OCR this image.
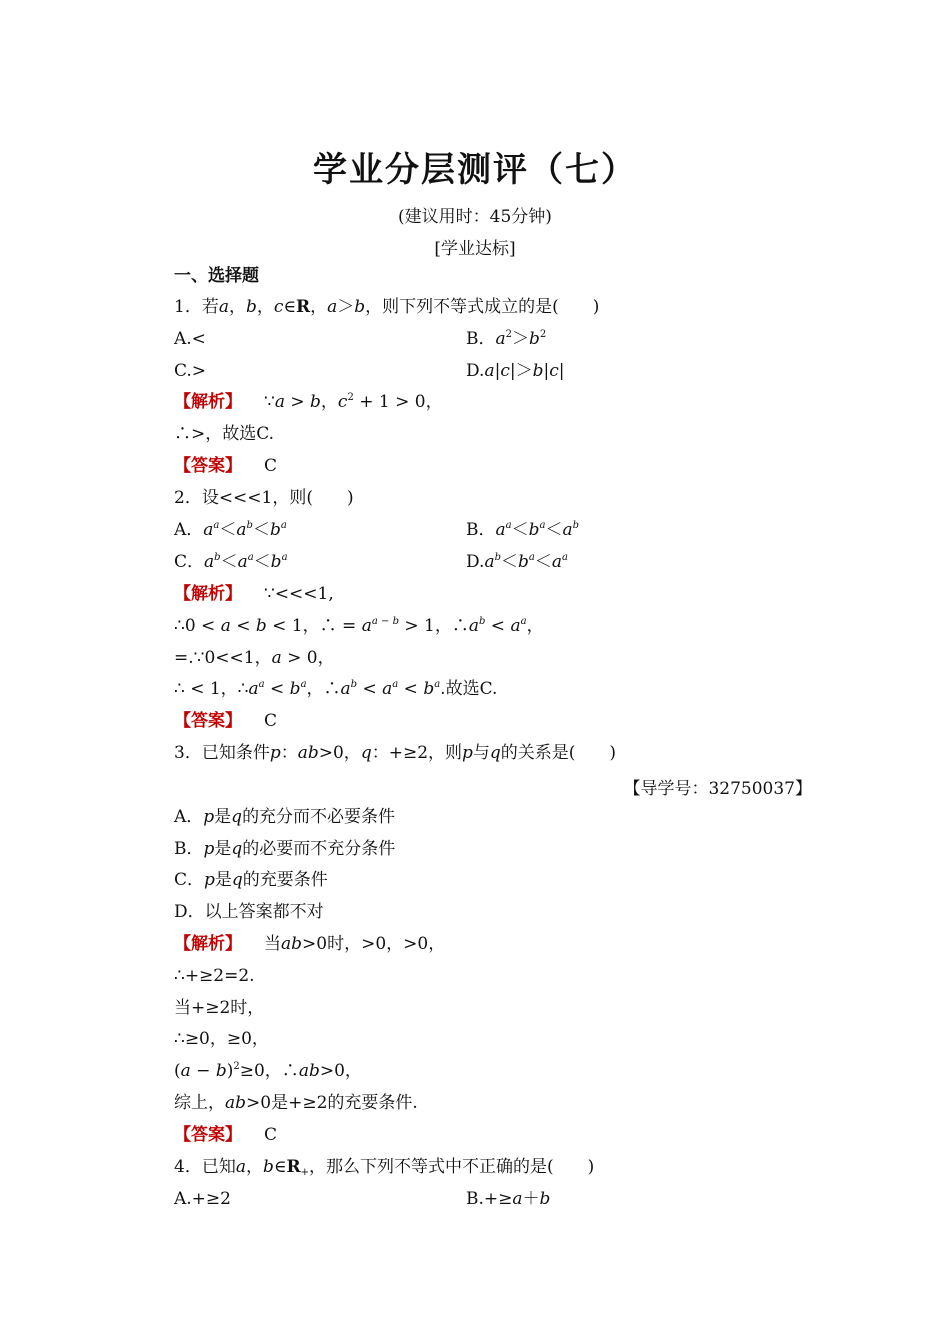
学业分层测评（七）
(建议用时：45分钟)
[学业达标]
一、选择题
1．若a，b，c∈R，a＞b，则下列不等式成立的是(　　)
A.<	B．$a^2>b^2$
C.>	D.a|c|＞b|c|
【解析】 ∵a > b，$c^2 + 1 > 0$，
∴>，故选C.
【答案】 C
2．设<<<1，则(　　)
A．$a^a<a^b<b^a$	B．$a^a<b^a<a^b$
C．$a^b<a^a<b^a$	$D.a^b<b^a<a^a$
【解析】 ∵<<<1,
∴0 < a < b < 1，∴ = $a^{a - b} > 1$，$\therefore a^b < a^a$，
=.∵0<<1，a > 0，
∴ < 1，$\therefore a^a < b^a$，$\therefore a^b < a^a < b^a$.故选C.
【答案】 C
3．已知条件p：ab>0，q：+≥2，则p与q的关系是(　　)
【导学号：32750037】
A．p是q的充分而不必要条件
B．p是q的必要而不充分条件
C．p是q的充要条件
D．以上答案都不对
【解析】 当ab>0时，>0，>0，
∴+≥2=2.
当+≥2时，
∴≥0，≥0，
$(a - b)^2\ge 0$，∴ab>0，
综上，ab>0是+≥2的充要条件.
【答案】 C
4．已知a，$b\in R_+$，那么下列不等式中不正确的是(　　)
A.+≥2	B.+≥a＋b
